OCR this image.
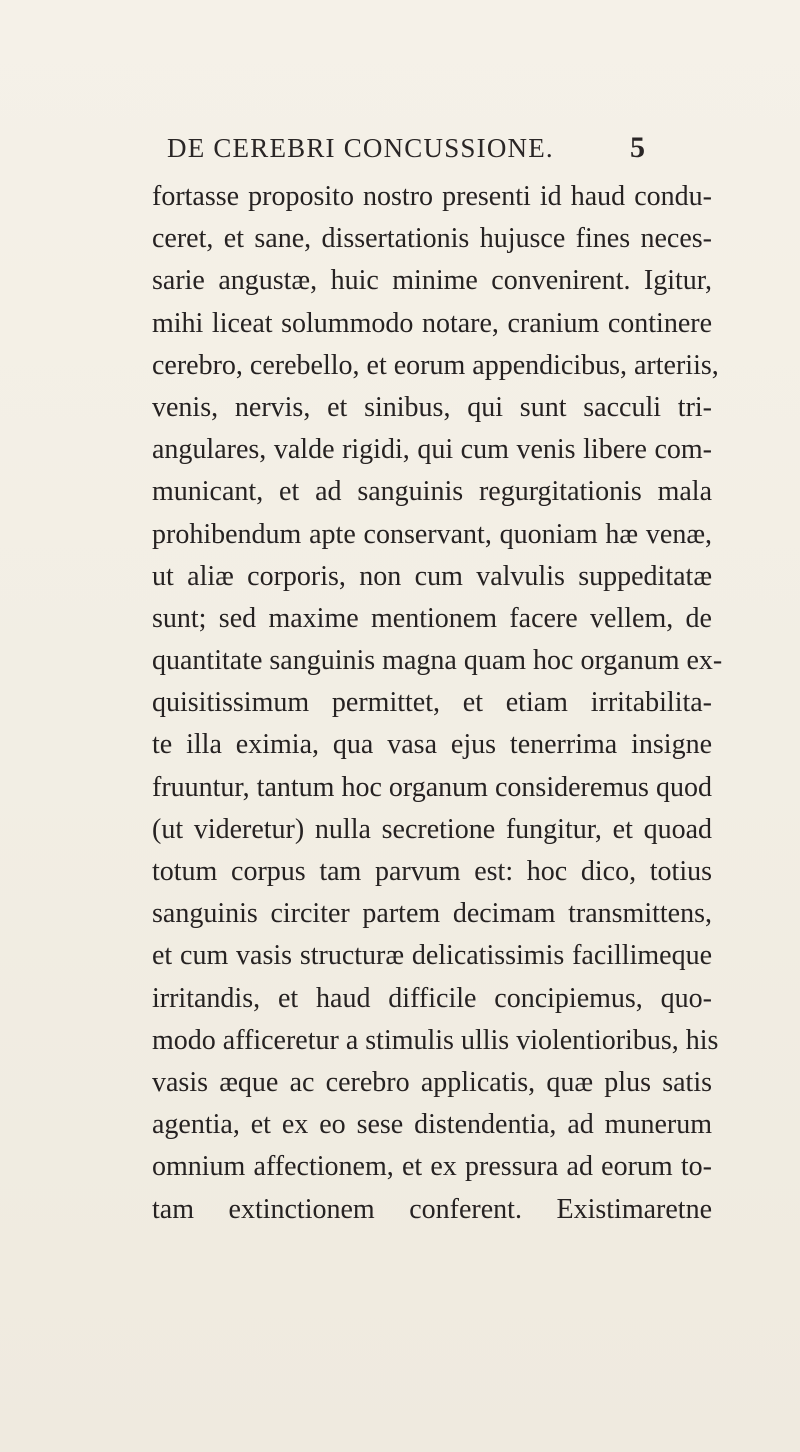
DE CEREBRI CONCUSSIONE.	5
fortasse proposito nostro presenti id haud condu-
ceret, et sane, dissertationis hujusce fines neces-
sarie angustæ, huic minime convenirent. Igitur,
mihi liceat solummodo notare, cranium continere
cerebro, cerebello, et eorum appendicibus, arteriis,
venis, nervis, et sinibus, qui sunt sacculi tri-
angulares, valde rigidi, qui cum venis libere com-
municant, et ad sanguinis regurgitationis mala
prohibendum apte conservant, quoniam hæ venæ,
ut aliæ corporis, non cum valvulis suppeditatæ
sunt; sed maxime mentionem facere vellem, de
quantitate sanguinis magna quam hoc organum ex-
quisitissimum permittet, et etiam irritabilita-
te illa eximia, qua vasa ejus tenerrima insigne
fruuntur, tantum hoc organum consideremus quod
(ut videretur) nulla secretione fungitur, et quoad
totum corpus tam parvum est: hoc dico, totius
sanguinis circiter partem decimam transmittens,
et cum vasis structuræ delicatissimis facillimeque
irritandis, et haud difficile concipiemus, quo-
modo afficeretur a stimulis ullis violentioribus, his
vasis æque ac cerebro applicatis, quæ plus satis
agentia, et ex eo sese distendentia, ad munerum
omnium affectionem, et ex pressura ad eorum to-
tam extinctionem conferent. Existimaretne
